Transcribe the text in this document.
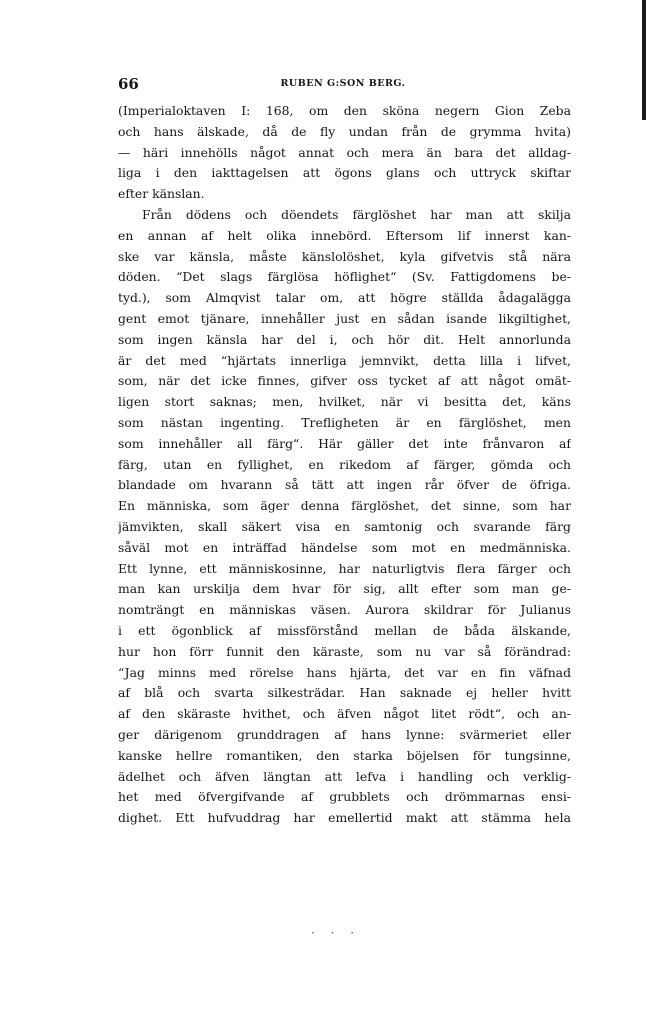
66	RUBEN G:SON BERG.
(Imperialoktaven I: 168, om den sköna negern Gion Zeba
och hans älskade, då de fly undan från de grymma hvita)
— häri innehölls något annat och mera än bara det alldag-
liga i den iakttagelsen att ögons glans och uttryck skiftar
efter känslan.
Från dödens och döendets färglöshet har man att skilja
en annan af helt olika innebörd. Eftersom lif innerst kan-
ske var känsla, måste känslolöshet, kyla gifvetvis stå nära
döden. “Det slags färglösa höflighet“ (Sv. Fattigdomens be-
tyd.), som Almqvist talar om, att högre ställda ådagalägga
gent emot tjänare, innehåller just en sådan isande likgiltighet,
som ingen känsla har del i, och hör dit. Helt annorlunda
är det med “hjärtats innerliga jemnvikt, detta lilla i lifvet,
som, när det icke finnes, gifver oss tycket af att något omät-
ligen stort saknas; men, hvilket, när vi besitta det, käns
som nästan ingenting. Trefligheten är en färglöshet, men
som innehåller all färg“. Här gäller det inte frånvaron af
färg, utan en fyllighet, en rikedom af färger, gömda och
blandade om hvarann så tätt att ingen rår öfver de öfriga.
En människa, som äger denna färglöshet, det sinne, som har
jämvikten, skall säkert visa en samtonig och svarande färg
såväl mot en inträffad händelse som mot en medmänniska.
Ett lynne, ett människosinne, har naturligtvis flera färger och
man kan urskilja dem hvar för sig, allt efter som man ge-
nomträngt en människas väsen. Aurora skildrar för Julianus
i ett ögonblick af missförstånd mellan de båda älskande,
hur hon förr funnit den käraste, som nu var så förändrad:
“Jag minns med rörelse hans hjärta, det var en fin väfnad
af blå och svarta silkesträdar. Han saknade ej heller hvitt
af den skäraste hvithet, och äfven något litet rödt“, och an-
ger därigenom grunddragen af hans lynne: svärmeriet eller
kanske hellre romantiken, den starka böjelsen för tungsinne,
ädelhet och äfven längtan att lefva i handling och verklig-
het med öfvergifvande af grubblets och drömmarnas ensi-
dighet. Ett hufvuddrag har emellertid makt att stämma hela
· · ·
